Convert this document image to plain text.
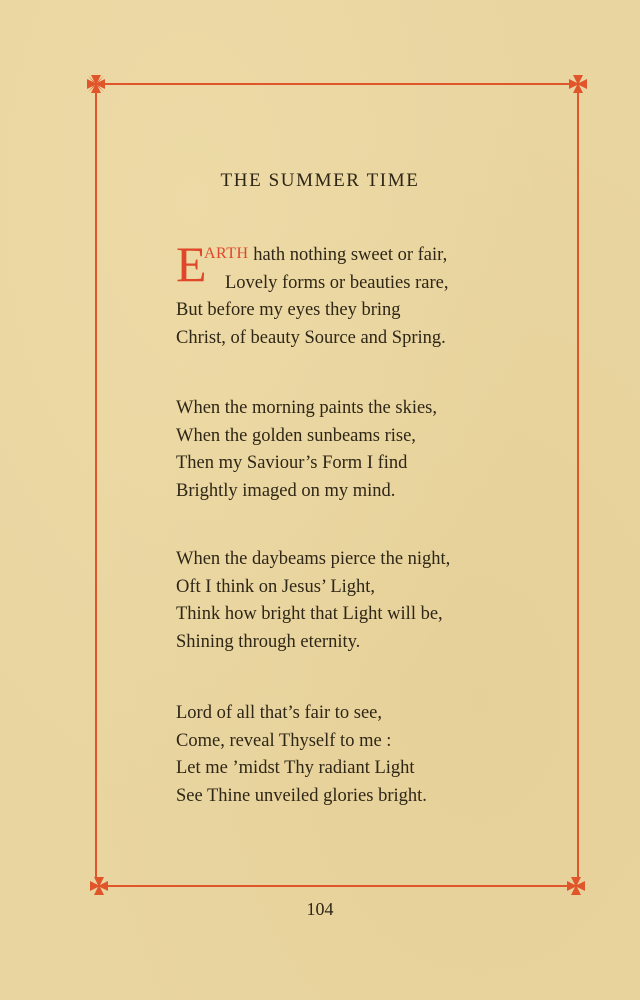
THE SUMMER TIME
E
ARTH hath nothing sweet or fair,
Lovely forms or beauties rare,
But before my eyes they bring
Christ, of beauty Source and Spring.
When the morning paints the skies,
When the golden sunbeams rise,
Then my Saviour’s Form I find
Brightly imaged on my mind.
When the daybeams pierce the night,
Oft I think on Jesus’ Light,
Think how bright that Light will be,
Shining through eternity.
Lord of all that’s fair to see,
Come, reveal Thyself to me :
Let me ’midst Thy radiant Light
See Thine unveiled glories bright.
104
